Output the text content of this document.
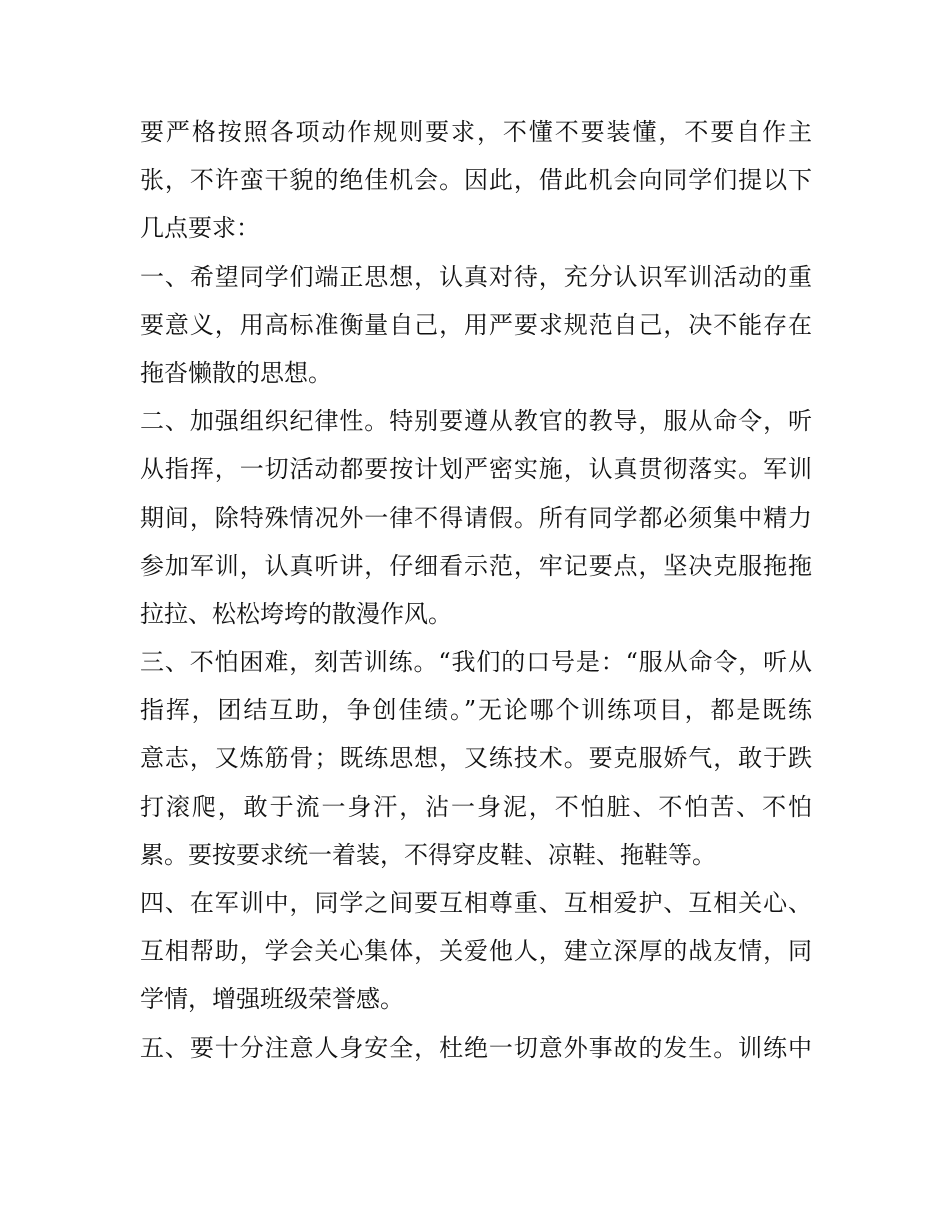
要严格按照各项动作规则要求，不懂不要装懂，不要自作主
张，不许蛮干貌的绝佳机会。因此，借此机会向同学们提以下
几点要求：
一、希望同学们端正思想，认真对待，充分认识军训活动的重
要意义，用高标准衡量自己，用严要求规范自己，决不能存在
拖沓懒散的思想。
二、加强组织纪律性。特别要遵从教官的教导，服从命令，听
从指挥，一切活动都要按计划严密实施，认真贯彻落实。军训
期间，除特殊情况外一律不得请假。所有同学都必须集中精力
参加军训，认真听讲，仔细看示范，牢记要点，坚决克服拖拖
拉拉、松松垮垮的散漫作风。
三、不怕困难，刻苦训练。“我们的口号是：“服从命令，听从
指挥，团结互助，争创佳绩。”无论哪个训练项目，都是既练
意志，又炼筋骨；既练思想，又练技术。要克服娇气，敢于跌
打滚爬，敢于流一身汗，沾一身泥，不怕脏、不怕苦、不怕
累。要按要求统一着装，不得穿皮鞋、凉鞋、拖鞋等。
四、在军训中，同学之间要互相尊重、互相爱护、互相关心、
互相帮助，学会关心集体，关爱他人，建立深厚的战友情，同
学情，增强班级荣誉感。
五、要十分注意人身安全，杜绝一切意外事故的发生。训练中
